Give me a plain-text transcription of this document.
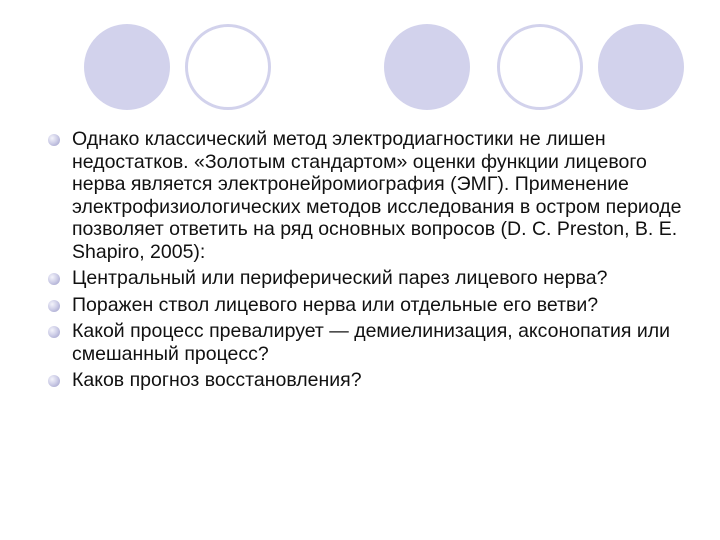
Однако классический метод электродиагностики не лишен недостатков. «Золотым стандартом» оценки функции лицевого нерва является электронейромиография (ЭМГ). Применение электрофизиологических методов исследования в остром периоде позволяет ответить на ряд основных вопросов (D. C. Preston, B. E. Shapiro, 2005):
Центральный или периферический парез лицевого нерва?
Поражен ствол лицевого нерва или отдельные его ветви?
Какой процесс превалирует — демиелинизация, аксонопатия или смешанный процесс?
Каков прогноз восстановления?
